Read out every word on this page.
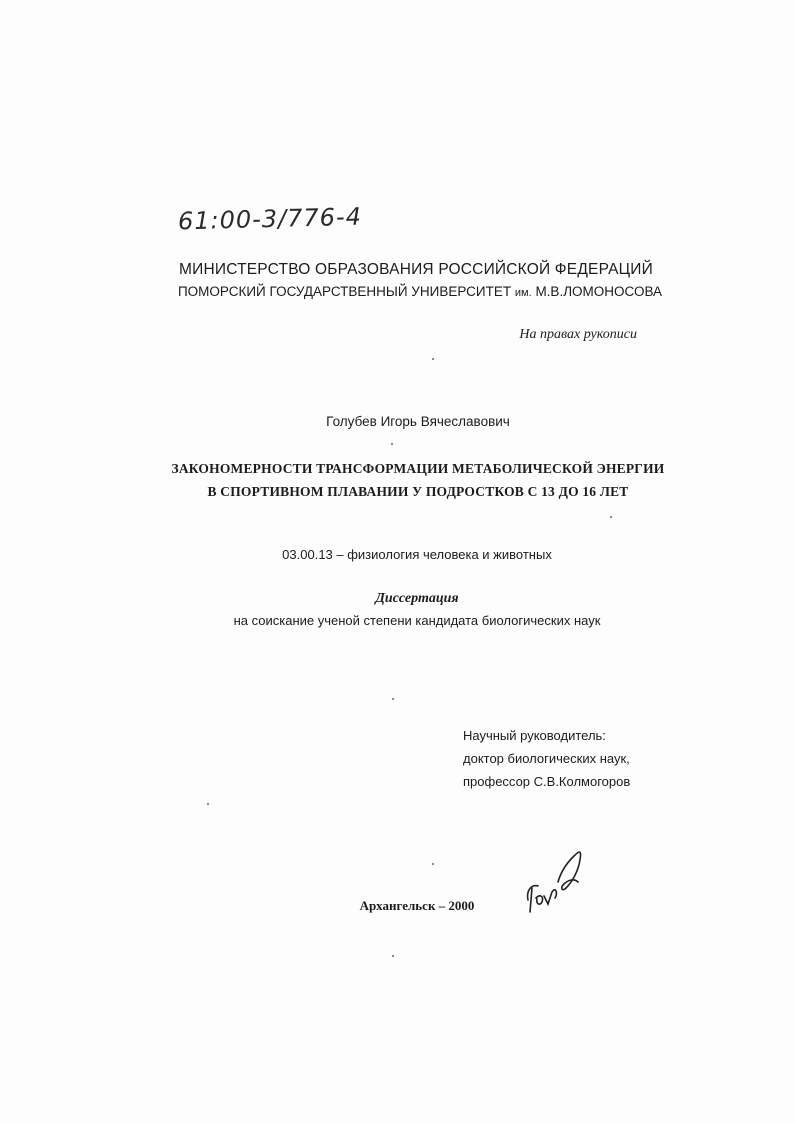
61:00-3/776-4
МИНИСТЕРСТВО ОБРАЗОВАНИЯ РОССИЙСКОЙ ФЕДЕРАЦИЙ
ПОМОРСКИЙ ГОСУДАРСТВЕННЫЙ УНИВЕРСИТЕТ им. М.В.ЛОМОНОСОВА
На правах рукописи
Голубев Игорь Вячеславович
ЗАКОНОМЕРНОСТИ ТРАНСФОРМАЦИИ МЕТАБОЛИЧЕСКОЙ ЭНЕРГИИ
В СПОРТИВНОМ ПЛАВАНИИ У ПОДРОСТКОВ С 13 ДО 16 ЛЕТ
03.00.13 – физиология человека и животных
Диссертация
на соискание ученой степени кандидата биологических наук
Научный руководитель:
доктор биологических наук,
профессор С.В.Колмогоров
Архангельск – 2000
